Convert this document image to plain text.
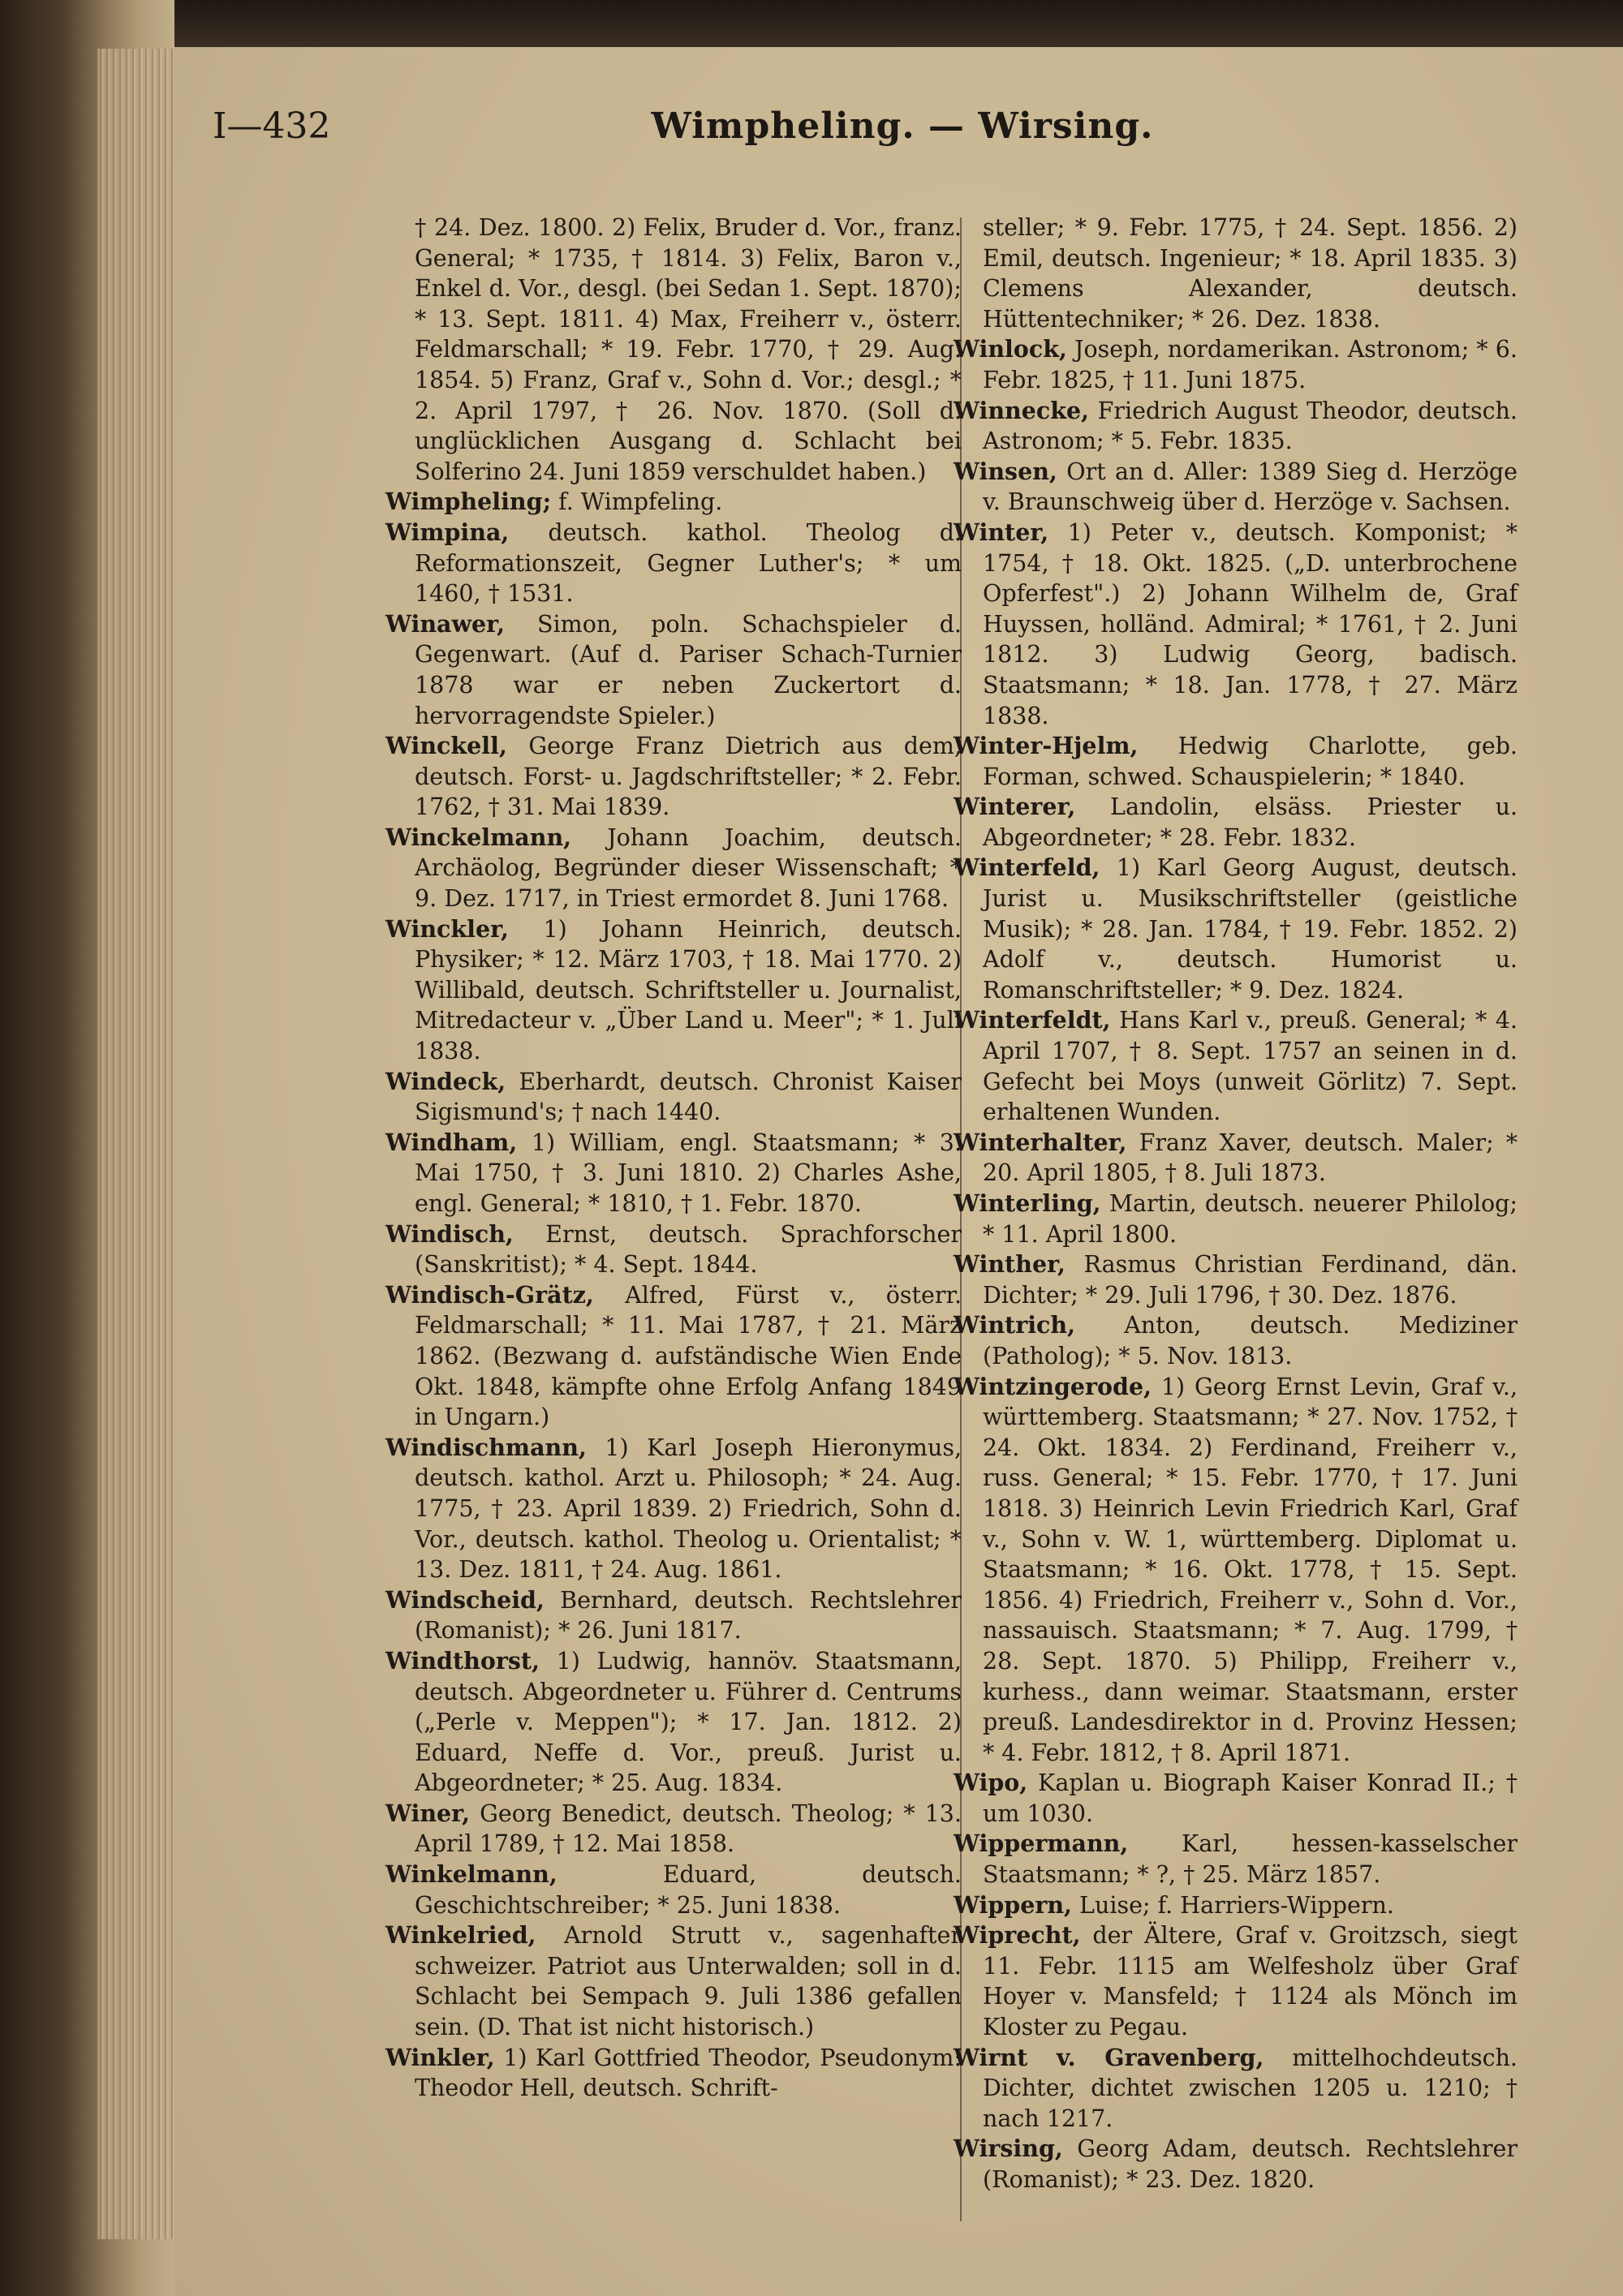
Wimpheling. — Wirsing.
I—432

† 24. Dez. 1800. 2) Felix, Bruder d. Vor., franz. General; * 1735, † 1814. 3) Felix, Baron v., Enkel d. Vor., desgl. (bei Sedan 1. Sept. 1870); * 13. Sept. 1811. 4) Max, Freiherr v., österr. Feldmarschall; * 19. Febr. 1770, † 29. Aug. 1854. 5) Franz, Graf v., Sohn d. Vor.; desgl.; * 2. April 1797, † 26. Nov. 1870. (Soll d. unglücklichen Ausgang d. Schlacht bei Solferino 24. Juni 1859 verschuldet haben.)

Wimpheling; f. Wimpfeling.

Wimpina, deutsch. kathol. Theolog d. Reformationszeit, Gegner Luther's; * um 1460, † 1531.

Winawer, Simon, poln. Schachspieler d. Gegenwart. (Auf d. Pariser Schach-Turnier 1878 war er neben Zuckertort d. hervorragendste Spieler.)

Winckell, George Franz Dietrich aus dem, deutsch. Forst- u. Jagdschriftsteller; * 2. Febr. 1762, † 31. Mai 1839.

Winckelmann, Johann Joachim, deutsch. Archäolog, Begründer dieser Wissenschaft; * 9. Dez. 1717, in Triest ermordet 8. Juni 1768.

Winckler, 1) Johann Heinrich, deutsch. Physiker; * 12. März 1703, † 18. Mai 1770. 2) Willibald, deutsch. Schriftsteller u. Journalist, Mitredacteur v. „Über Land u. Meer"; * 1. Juli 1838.

Windeck, Eberhardt, deutsch. Chronist Kaiser Sigismund's; † nach 1440.

Windham, 1) William, engl. Staatsmann; * 3. Mai 1750, † 3. Juni 1810. 2) Charles Ashe, engl. General; * 1810, † 1. Febr. 1870.

Windisch, Ernst, deutsch. Sprachforscher (Sanskritist); * 4. Sept. 1844.

Windisch-Grätz, Alfred, Fürst v., österr. Feldmarschall; * 11. Mai 1787, † 21. März 1862. (Bezwang d. aufständische Wien Ende Okt. 1848, kämpfte ohne Erfolg Anfang 1849 in Ungarn.)

Windischmann, 1) Karl Joseph Hieronymus, deutsch. kathol. Arzt u. Philosoph; * 24. Aug. 1775, † 23. April 1839. 2) Friedrich, Sohn d. Vor., deutsch. kathol. Theolog u. Orientalist; * 13. Dez. 1811, † 24. Aug. 1861.

Windscheid, Bernhard, deutsch. Rechtslehrer (Romanist); * 26. Juni 1817.

Windthorst, 1) Ludwig, hannöv. Staatsmann, deutsch. Abgeordneter u. Führer d. Centrums („Perle v. Meppen"); * 17. Jan. 1812. 2) Eduard, Neffe d. Vor., preuß. Jurist u. Abgeordneter; * 25. Aug. 1834.

Winer, Georg Benedict, deutsch. Theolog; * 13. April 1789, † 12. Mai 1858.

Winkelmann,	Eduard, deutsch. Geschichtschreiber; * 25. Juni 1838.

Winkelried, Arnold Strutt v., sagenhafter schweizer. Patriot aus Unterwalden; soll in d. Schlacht bei Sempach 9. Juli 1386 gefallen sein. (D. That ist nicht historisch.)

Winkler, 1) Karl Gottfried Theodor, Pseudonym: Theodor Hell, deutsch. Schrift-

steller; * 9. Febr. 1775, † 24. Sept. 1856. 2) Emil, deutsch. Ingenieur; * 18. April 1835. 3) Clemens Alexander, deutsch. Hüttentechniker; * 26. Dez. 1838.

Winlock, Joseph, nordamerikan. Astronom; * 6. Febr. 1825, † 11. Juni 1875.

Winnecke, Friedrich August Theodor, deutsch. Astronom; * 5. Febr. 1835.

Winsen, Ort an d. Aller: 1389 Sieg d. Herzöge v. Braunschweig über d. Herzöge v. Sachsen.

Winter, 1) Peter v., deutsch. Komponist; * 1754, † 18. Okt. 1825. („D. unterbrochene Opferfest".) 2) Johann Wilhelm de, Graf Huyssen, holländ. Admiral; * 1761, † 2. Juni 1812. 3) Ludwig Georg, badisch. Staatsmann; * 18. Jan. 1778, † 27. März 1838.

Winter-Hjelm, Hedwig Charlotte, geb. Forman, schwed. Schauspielerin; * 1840.

Winterer, Landolin, elsäss. Priester u. Abgeordneter; * 28. Febr. 1832.

Winterfeld, 1) Karl Georg August, deutsch. Jurist u. Musikschriftsteller (geistliche Musik); * 28. Jan. 1784, † 19. Febr. 1852. 2) Adolf v., deutsch. Humorist u. Romanschriftsteller; * 9. Dez. 1824.

Winterfeldt, Hans Karl v., preuß. General; * 4. April 1707, † 8. Sept. 1757 an seinen in d. Gefecht bei Moys (unweit Görlitz) 7. Sept. erhaltenen Wunden.

Winterhalter, Franz Xaver, deutsch. Maler; * 20. April 1805, † 8. Juli 1873.

Winterling, Martin, deutsch. neuerer Philolog; * 11. April 1800.

Winther, Rasmus Christian Ferdinand, dän. Dichter; * 29. Juli 1796, † 30. Dez. 1876.

Wintrich, Anton, deutsch. Mediziner (Patholog); * 5. Nov. 1813.

Wintzingerode, 1) Georg Ernst Levin, Graf v., württemberg. Staatsmann; * 27. Nov. 1752, † 24. Okt. 1834. 2) Ferdinand, Freiherr v., russ. General; * 15. Febr. 1770, † 17. Juni 1818. 3) Heinrich Levin Friedrich Karl, Graf v., Sohn v. W. 1, württemberg. Diplomat u. Staatsmann; * 16. Okt. 1778, † 15. Sept. 1856. 4) Friedrich, Freiherr v., Sohn d. Vor., nassauisch. Staatsmann; * 7. Aug. 1799, † 28. Sept. 1870. 5) Philipp, Freiherr v., kurhess., dann weimar. Staatsmann, erster preuß. Landesdirektor in d. Provinz Hessen; * 4. Febr. 1812, † 8. April 1871.

Wipo, Kaplan u. Biograph Kaiser Konrad II.; † um 1030.

Wippermann, Karl, hessen-kasselscher Staatsmann; * ?, † 25. März 1857.

Wippern, Luise; f. Harriers-Wippern.

Wiprecht, der Ältere, Graf v. Groitzsch, siegt 11. Febr. 1115 am Welfesholz über Graf Hoyer v. Mansfeld; † 1124 als Mönch im Kloster zu Pegau.

Wirnt v. Gravenberg, mittelhochdeutsch. Dichter, dichtet zwischen 1205 u. 1210; † nach 1217.

Wirsing, Georg Adam, deutsch. Rechtslehrer (Romanist); * 23. Dez. 1820.
